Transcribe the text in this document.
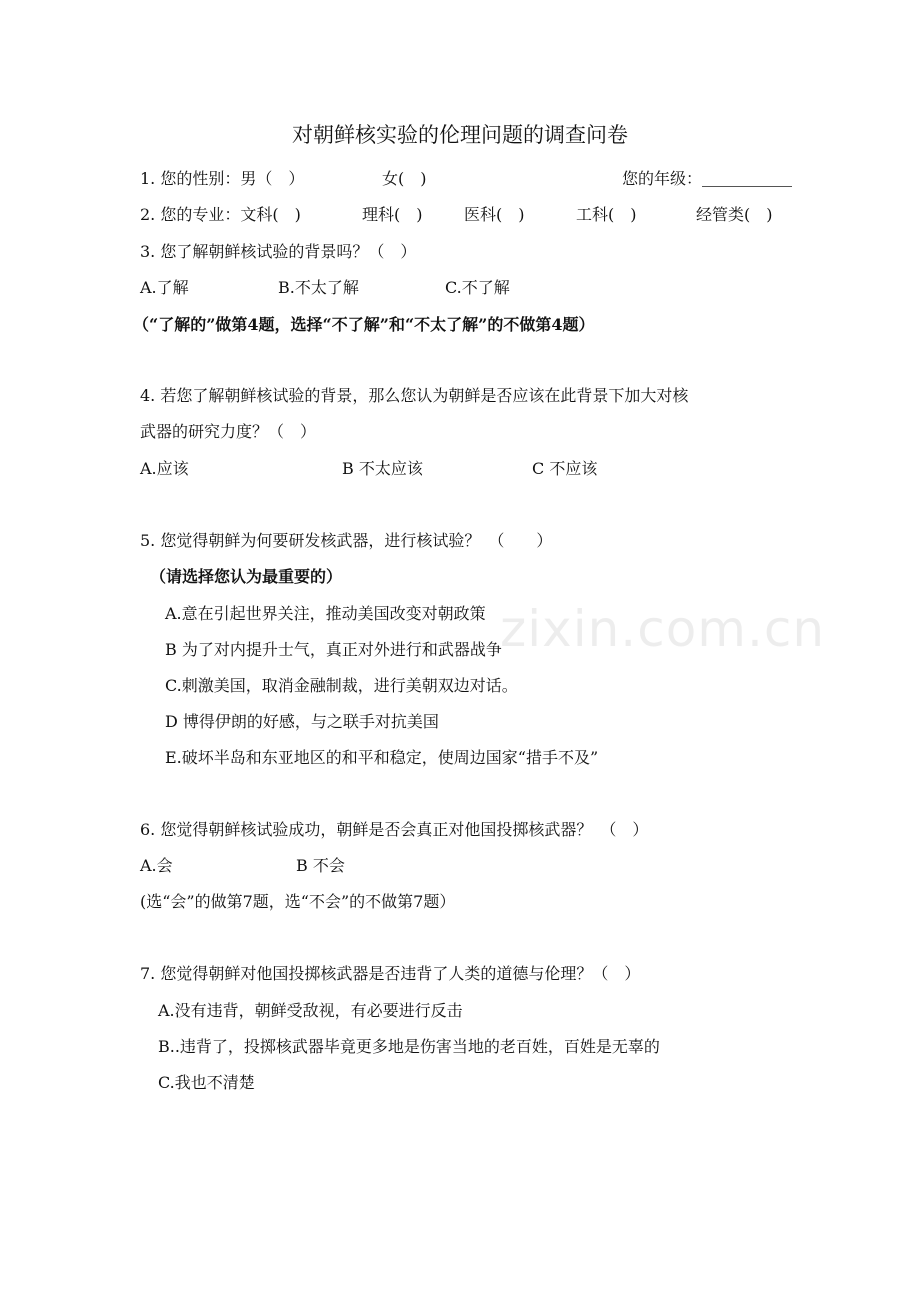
zixin.com.cn
对朝鲜核实验的伦理问题的调查问卷
1. 您的性别：男（　）	女(　)	您的年级：
2. 您的专业：文科(　)	理科(　)	医科(　)	工科(　)	经管类(　)
3. 您了解朝鲜核试验的背景吗？（　）
A.了解	B.不太了解	C.不了解
（“了解的”做第4题，选择“不了解”和“不太了解”的不做第4题）
4. 若您了解朝鲜核试验的背景，那么您认为朝鲜是否应该在此背景下加大对核
武器的研究力度？（　）
A.应该	B 不太应该	C 不应该
5. 您觉得朝鲜为何要研发核武器，进行核试验？　（　　）
（请选择您认为最重要的）
A.意在引起世界关注，推动美国改变对朝政策
B 为了对内提升士气，真正对外进行和武器战争
C.刺激美国，取消金融制裁，进行美朝双边对话。
D 博得伊朗的好感，与之联手对抗美国
E.破坏半岛和东亚地区的和平和稳定，使周边国家“措手不及”
6. 您觉得朝鲜核试验成功，朝鲜是否会真正对他国投掷核武器？　（　）
A.会	B 不会
(选“会”的做第7题，选“不会”的不做第7题）
7. 您觉得朝鲜对他国投掷核武器是否违背了人类的道德与伦理？（　）
A.没有违背，朝鲜受敌视，有必要进行反击
B..违背了，投掷核武器毕竟更多地是伤害当地的老百姓，百姓是无辜的
C.我也不清楚
